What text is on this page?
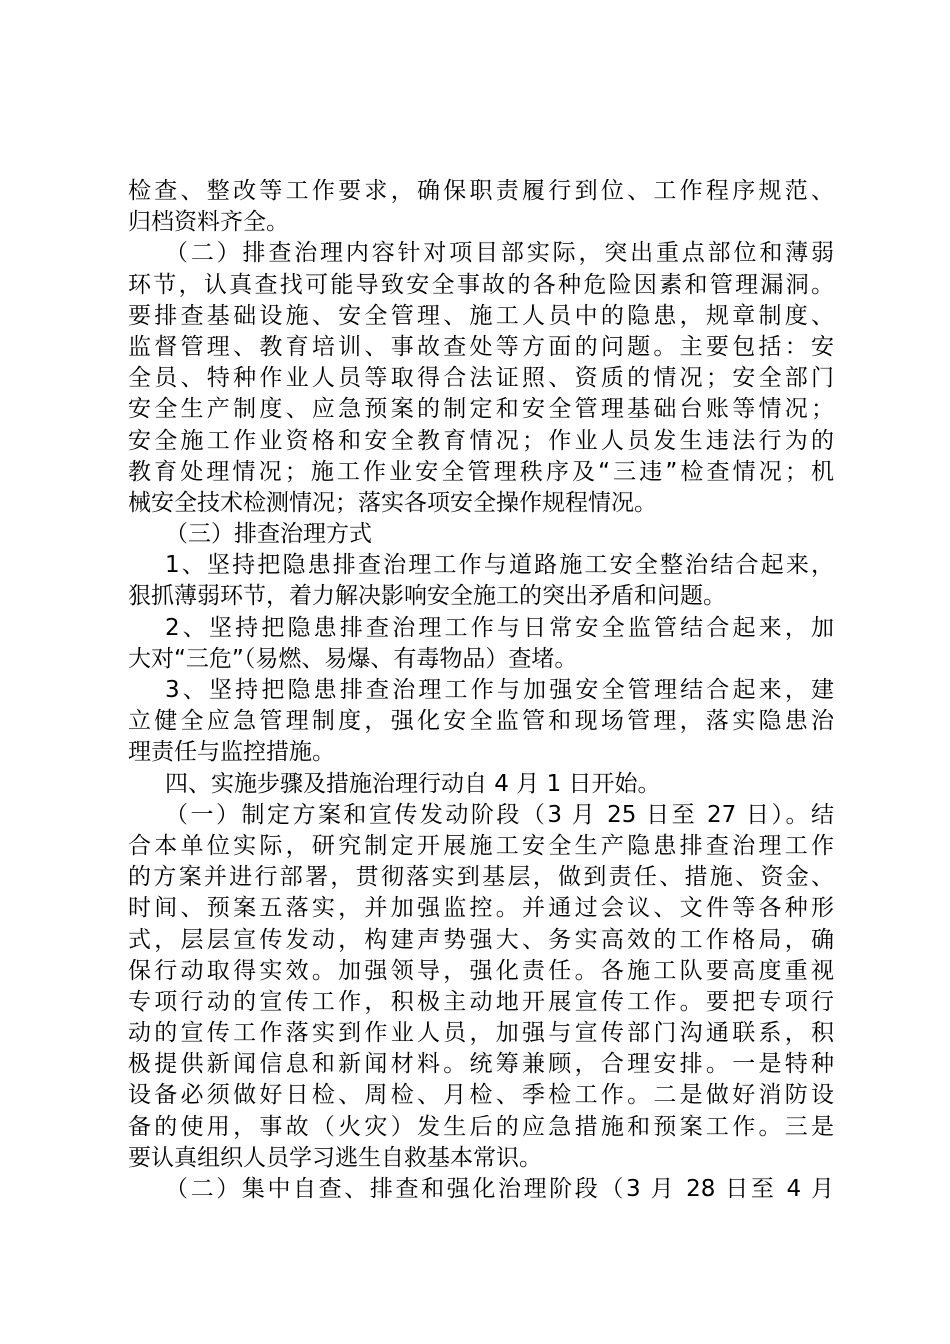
检查、整改等工作要求，确保职责履行到位、工作程序规范、
归档资料齐全。
（二）排查治理内容针对项目部实际，突出重点部位和薄弱
环节，认真查找可能导致安全事故的各种危险因素和管理漏洞。
要排查基础设施、安全管理、施工人员中的隐患，规章制度、
监督管理、教育培训、事故查处等方面的问题。主要包括：安
全员、特种作业人员等取得合法证照、资质的情况；安全部门
安全生产制度、应急预案的制定和安全管理基础台账等情况；
安全施工作业资格和安全教育情况；作业人员发生违法行为的
教育处理情况；施工作业安全管理秩序及“三违”检查情况；机
械安全技术检测情况；落实各项安全操作规程情况。
（三）排查治理方式
1、坚持把隐患排查治理工作与道路施工安全整治结合起来，
狠抓薄弱环节，着力解决影响安全施工的突出矛盾和问题。
2、坚持把隐患排查治理工作与日常安全监管结合起来，加
大对“三危”（易燃、易爆、有毒物品）查堵。
3、坚持把隐患排查治理工作与加强安全管理结合起来，建
立健全应急管理制度，强化安全监管和现场管理，落实隐患治
理责任与监控措施。
四、实施步骤及措施治理行动自 4 月 1 日开始。
（一）制定方案和宣传发动阶段（3 月 25 日至 27 日）。结
合本单位实际，研究制定开展施工安全生产隐患排查治理工作
的方案并进行部署，贯彻落实到基层，做到责任、措施、资金、
时间、预案五落实，并加强监控。并通过会议、文件等各种形
式，层层宣传发动，构建声势强大、务实高效的工作格局，确
保行动取得实效。加强领导，强化责任。各施工队要高度重视
专项行动的宣传工作，积极主动地开展宣传工作。要把专项行
动的宣传工作落实到作业人员，加强与宣传部门沟通联系，积
极提供新闻信息和新闻材料。统筹兼顾，合理安排。一是特种
设备必须做好日检、周检、月检、季检工作。二是做好消防设
备的使用，事故（火灾）发生后的应急措施和预案工作。三是
要认真组织人员学习逃生自救基本常识。
（二）集中自查、排查和强化治理阶段（3 月 28 日至 4 月
